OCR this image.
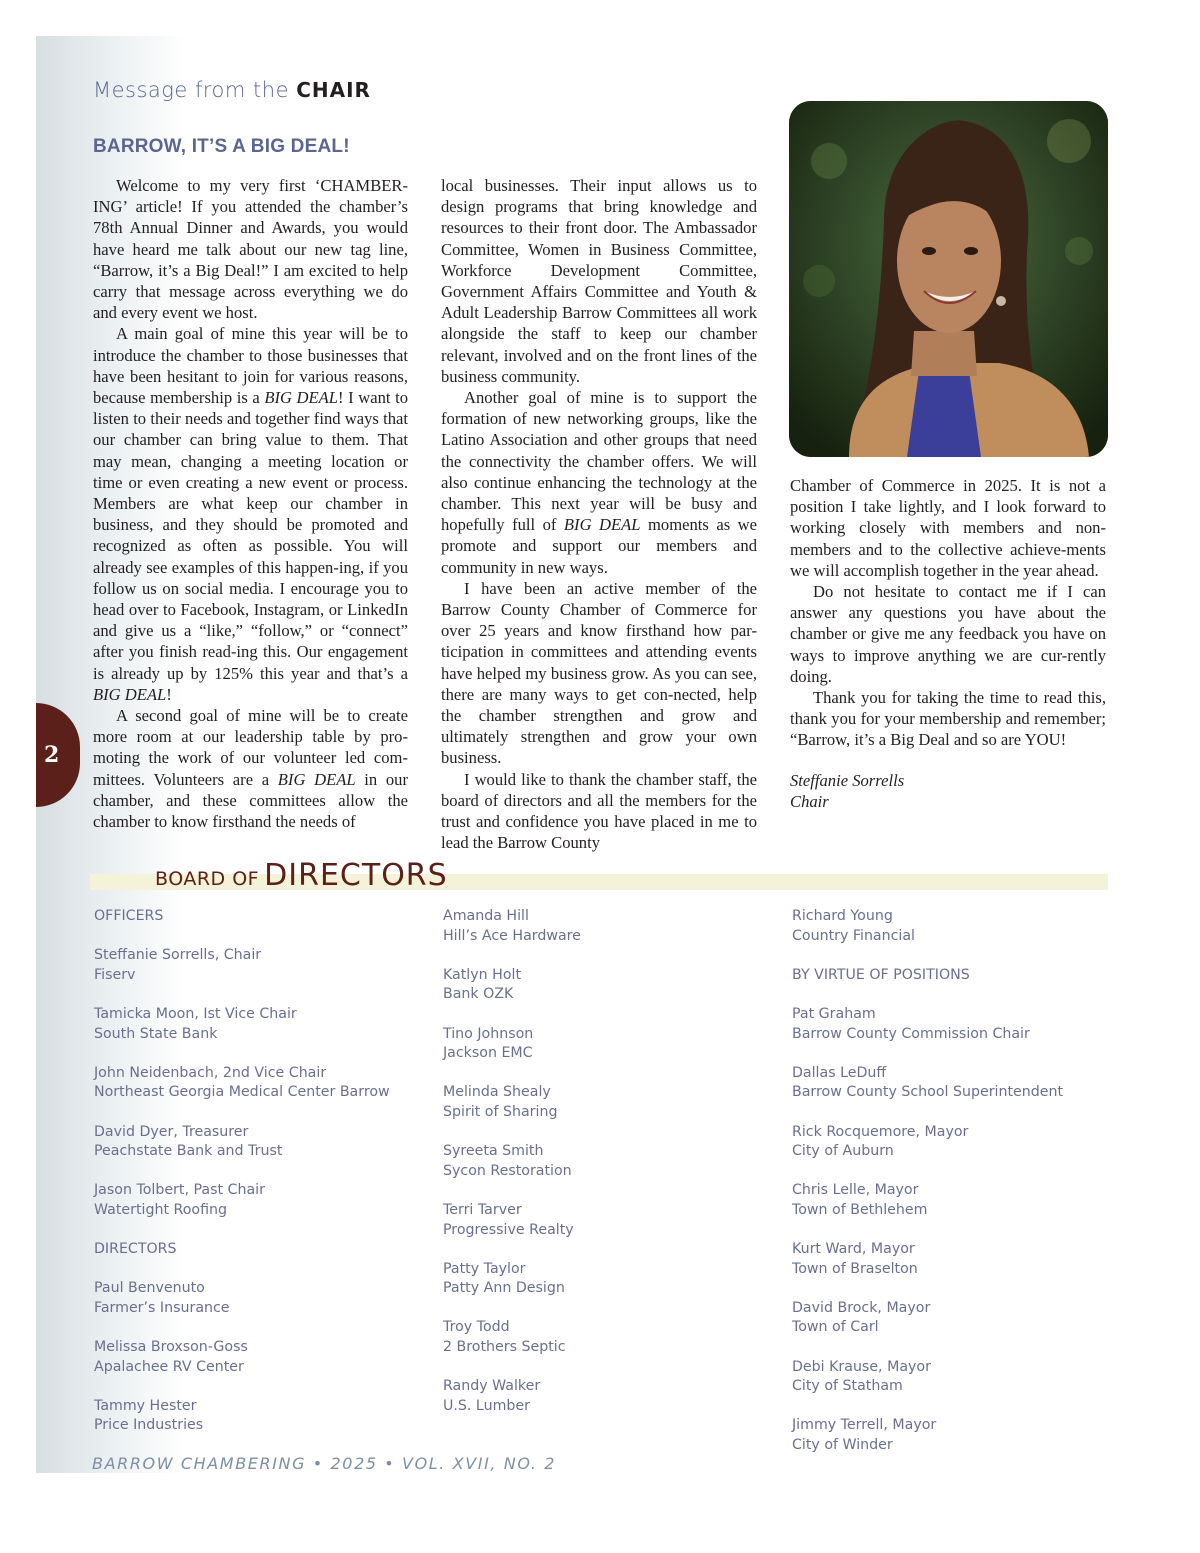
2
Message from the CHAIR
BARROW, IT’S A BIG DEAL!

Welcome to my very first ‘CHAMBER-ING’ article! If you attended the chamber’s 78th Annual Dinner and Awards, you would have heard me talk about our new tag line, “Barrow, it’s a Big Deal!” I am excited to help carry that message across everything we do and every event we host.

A main goal of mine this year will be to introduce the chamber to those businesses that have been hesitant to join for various reasons, because membership is a BIG DEAL! I want to listen to their needs and together find ways that our chamber can bring value to them. That may mean, changing a meeting location or time or even creating a new event or process. Members are what keep our chamber in business, and they should be promoted and recognized as often as possible. You will already see examples of this happen-ing, if you follow us on social media. I encourage you to head over to Facebook, Instagram, or LinkedIn and give us a “like,” “follow,” or “connect” after you finish read-ing this. Our engagement is already up by 125% this year and that’s a BIG DEAL!

A second goal of mine will be to create more room at our leadership table by pro-moting the work of our volunteer led com-mittees. Volunteers are a BIG DEAL in our chamber, and these committees allow the chamber to know firsthand the needs of

local businesses. Their input allows us to design programs that bring knowledge and resources to their front door. The Ambassador Committee, Women in Business Committee, Workforce Development Committee, Government Affairs Committee and Youth & Adult Leadership Barrow Committees all work alongside the staff to keep our chamber relevant, involved and on the front lines of the business community.

Another goal of mine is to support the formation of new networking groups, like the Latino Association and other groups that need the connectivity the chamber offers. We will also continue enhancing the technology at the chamber. This next year will be busy and hopefully full of BIG DEAL moments as we promote and support our members and community in new ways.

I have been an active member of the Barrow County Chamber of Commerce for over 25 years and know firsthand how par-ticipation in committees and attending events have helped my business grow. As you can see, there are many ways to get con-nected, help the chamber strengthen and grow and ultimately strengthen and grow your own business.

I would like to thank the chamber staff, the board of directors and all the members for the trust and confidence you have placed in me to lead the Barrow County

Chamber of Commerce in 2025. It is not a position I take lightly, and I look forward to working closely with members and non-members and to the collective achieve-ments we will accomplish together in the year ahead.

Do not hesitate to contact me if I can answer any questions you have about the chamber or give me any feedback you have on ways to improve anything we are cur-rently doing.

Thank you for taking the time to read this, thank you for your membership and remember; “Barrow, it’s a Big Deal and so are YOU!

Steffanie Sorrells
Chair

BOARD OF DIRECTORS
OFFICERS
Steffanie Sorrells, Chair
Fiserv
Tamicka Moon, Ist Vice Chair
South State Bank
John Neidenbach, 2nd Vice Chair
Northeast Georgia Medical Center Barrow
David Dyer, Treasurer
Peachstate Bank and Trust
Jason Tolbert, Past Chair
Watertight Roofing
DIRECTORS
Paul Benvenuto
Farmer’s Insurance
Melissa Broxson-Goss
Apalachee RV Center
Tammy Hester
Price Industries
Amanda Hill
Hill’s Ace Hardware
Katlyn Holt
Bank OZK
Tino Johnson
Jackson EMC
Melinda Shealy
Spirit of Sharing
Syreeta Smith
Sycon Restoration
Terri Tarver
Progressive Realty
Patty Taylor
Patty Ann Design
Troy Todd
2 Brothers Septic
Randy Walker
U.S. Lumber
Richard Young
Country Financial
BY VIRTUE OF POSITIONS
Pat Graham
Barrow County Commission Chair
Dallas LeDuff
Barrow County School Superintendent
Rick Rocquemore, Mayor
City of Auburn
Chris Lelle, Mayor
Town of Bethlehem
Kurt Ward, Mayor
Town of Braselton
David Brock, Mayor
Town of Carl
Debi Krause, Mayor
City of Statham
Jimmy Terrell, Mayor
City of Winder
BARROW CHAMBERING • 2025 • VOL. XVII, NO. 2
